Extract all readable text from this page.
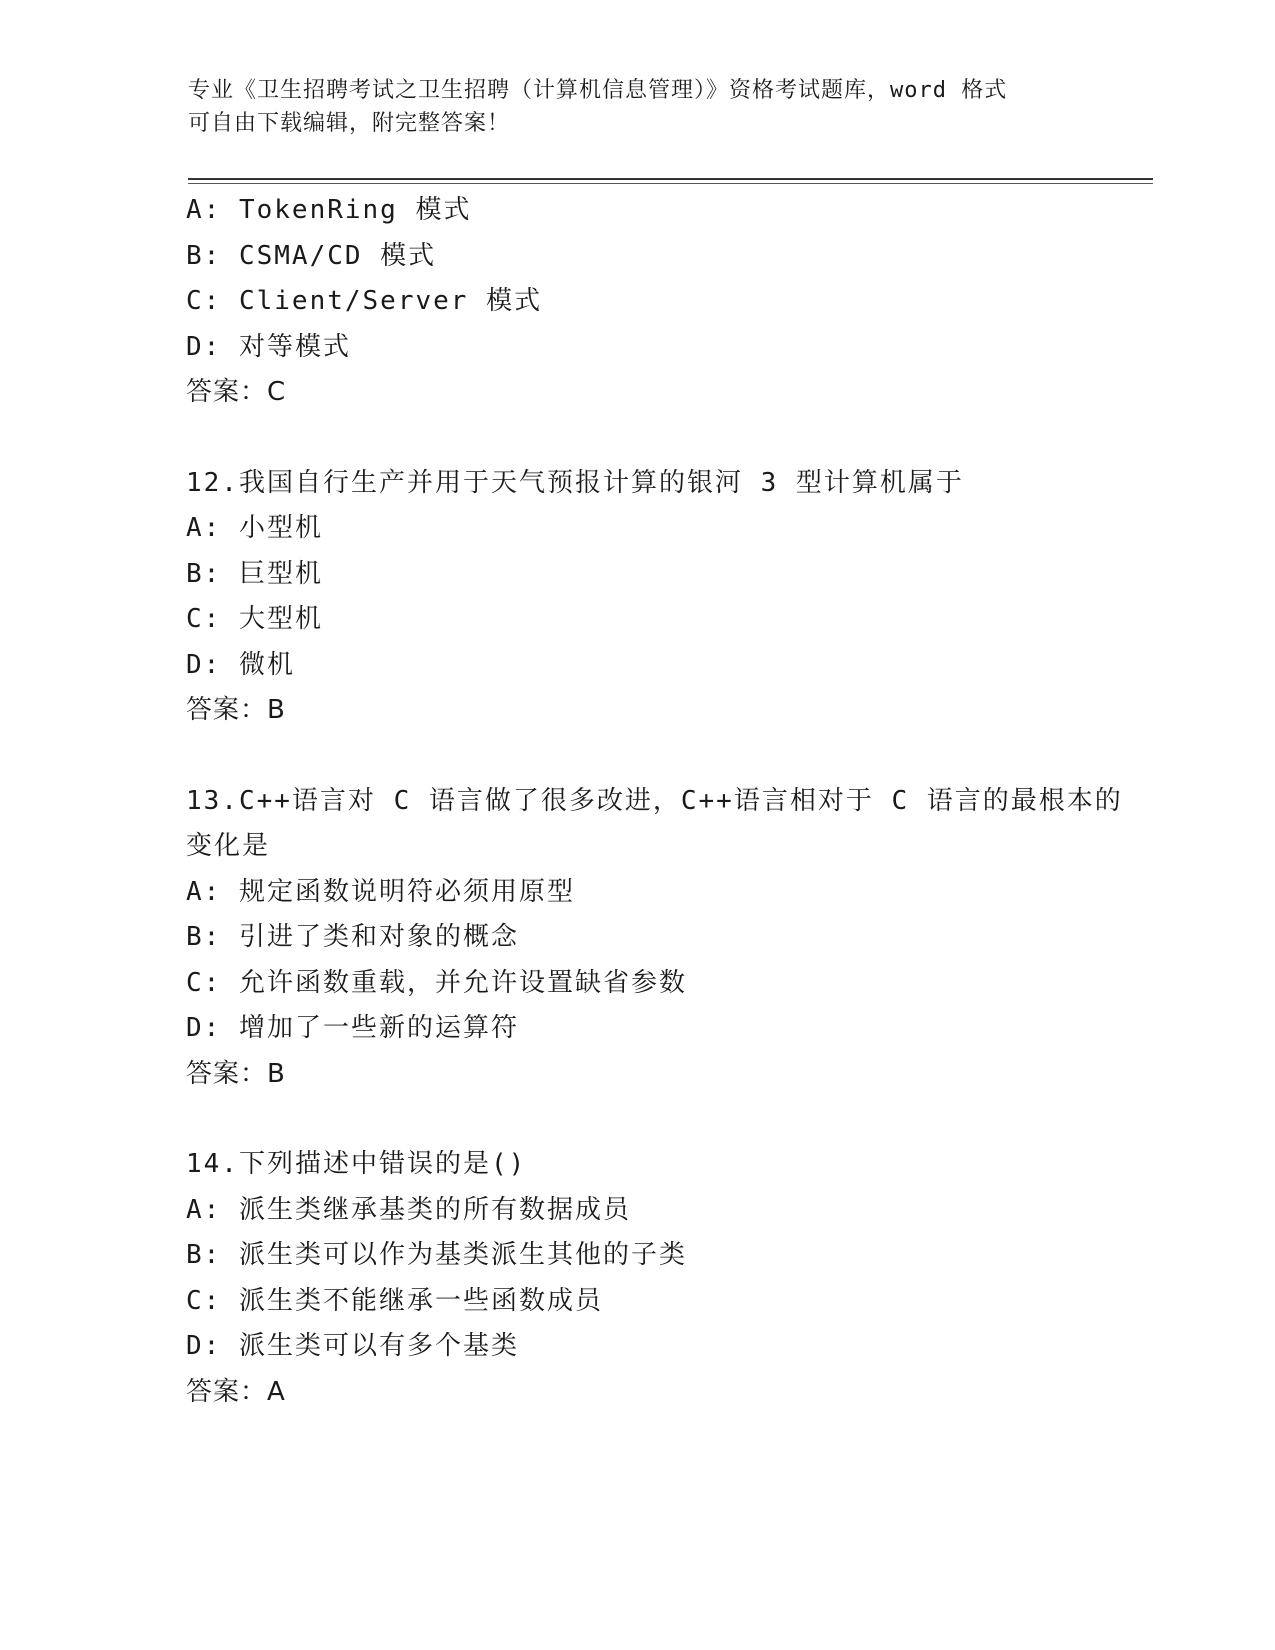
专业《卫生招聘考试之卫生招聘（计算机信息管理）》资格考试题库，word 格式
可自由下载编辑，附完整答案！
A: TokenRing 模式
B: CSMA/CD 模式
C: Client/Server 模式
D: 对等模式
答案：C
12.我国自行生产并用于天气预报计算的银河 3 型计算机属于
A: 小型机
B: 巨型机
C: 大型机
D: 微机
答案：B
13.C++语言对 C 语言做了很多改进，C++语言相对于 C 语言的最根本的
变化是
A: 规定函数说明符必须用原型
B: 引进了类和对象的概念
C: 允许函数重载，并允许设置缺省参数
D: 增加了一些新的运算符
答案：B
14.下列描述中错误的是()
A: 派生类继承基类的所有数据成员
B: 派生类可以作为基类派生其他的子类
C: 派生类不能继承一些函数成员
D: 派生类可以有多个基类
答案：A
